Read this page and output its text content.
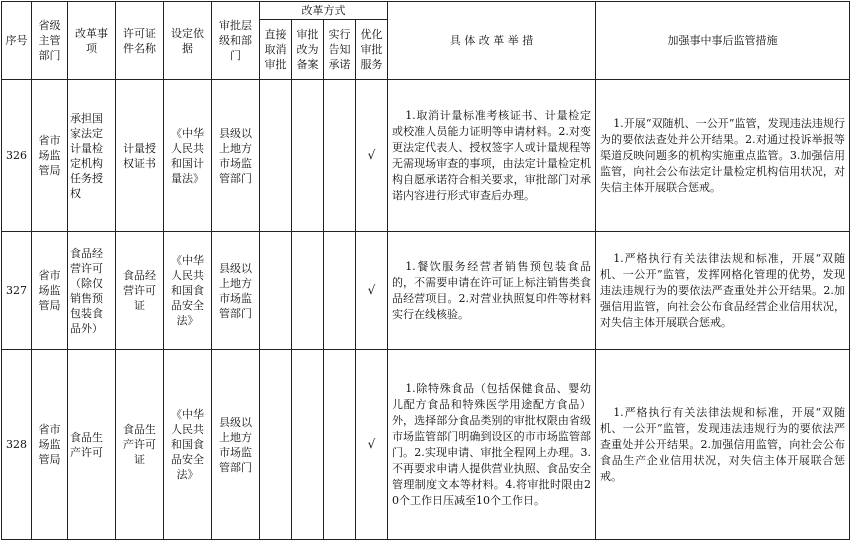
序号	省级主管部门	改革事项	许可证件名称	设定依据	审批层级和部门	改革方式				具 体 改 革 举 措	加强事中事后监管措施
						直接取消审批	审批改为备案	实行告知承诺	优化审批服务		
326	省市场监管局	承担国家法定计量检定机构任务授权	计量授权证书	《中华人民共和国计量法》	县级以上地方市场监管部门				√	1.取消计量标准考核证书、计量检定或校准人员能力证明等申请材料。2.对变更法定代表人、授权签字人或计量规程等无需现场审查的事项，由法定计量检定机构自愿承诺符合相关要求，审批部门对承诺内容进行形式审查后办理。	1.开展“双随机、一公开”监管，发现违法违规行为的要依法查处并公开结果。2.对通过投诉举报等渠道反映问题多的机构实施重点监管。3.加强信用监管，向社会公布法定计量检定机构信用状况，对失信主体开展联合惩戒。
327	省市场监管局	食品经营许可（除仅销售预包装食品外）	食品经营许可证	《中华人民共和国食品安全法》	县级以上地方市场监管部门				√	1.餐饮服务经营者销售预包装食品的，不需要申请在许可证上标注销售类食品经营项目。2.对营业执照复印件等材料实行在线核验。	1.严格执行有关法律法规和标准，开展“双随机、一公开”监管，发挥网格化管理的优势，发现违法违规行为的要依法严查重处并公开结果。2.加强信用监管，向社会公布食品经营企业信用状况，对失信主体开展联合惩戒。
328	省市场监管局	食品生产许可	食品生产许可证	《中华人民共和国食品安全法》	县级以上地方市场监管部门				√	1.除特殊食品（包括保健食品、婴幼儿配方食品和特殊医学用途配方食品）外，选择部分食品类别的审批权限由省级市场监管部门明确到设区的市市场监管部门。2.实现申请、审批全程网上办理。3.不再要求申请人提供营业执照、食品安全管理制度文本等材料。4.将审批时限由20个工作日压减至10个工作日。	1.严格执行有关法律法规和标准，开展“双随机、一公开”监管，发现违法违规行为的要依法严查重处并公开结果。2.加强信用监管，向社会公布食品生产企业信用状况，对失信主体开展联合惩戒。
